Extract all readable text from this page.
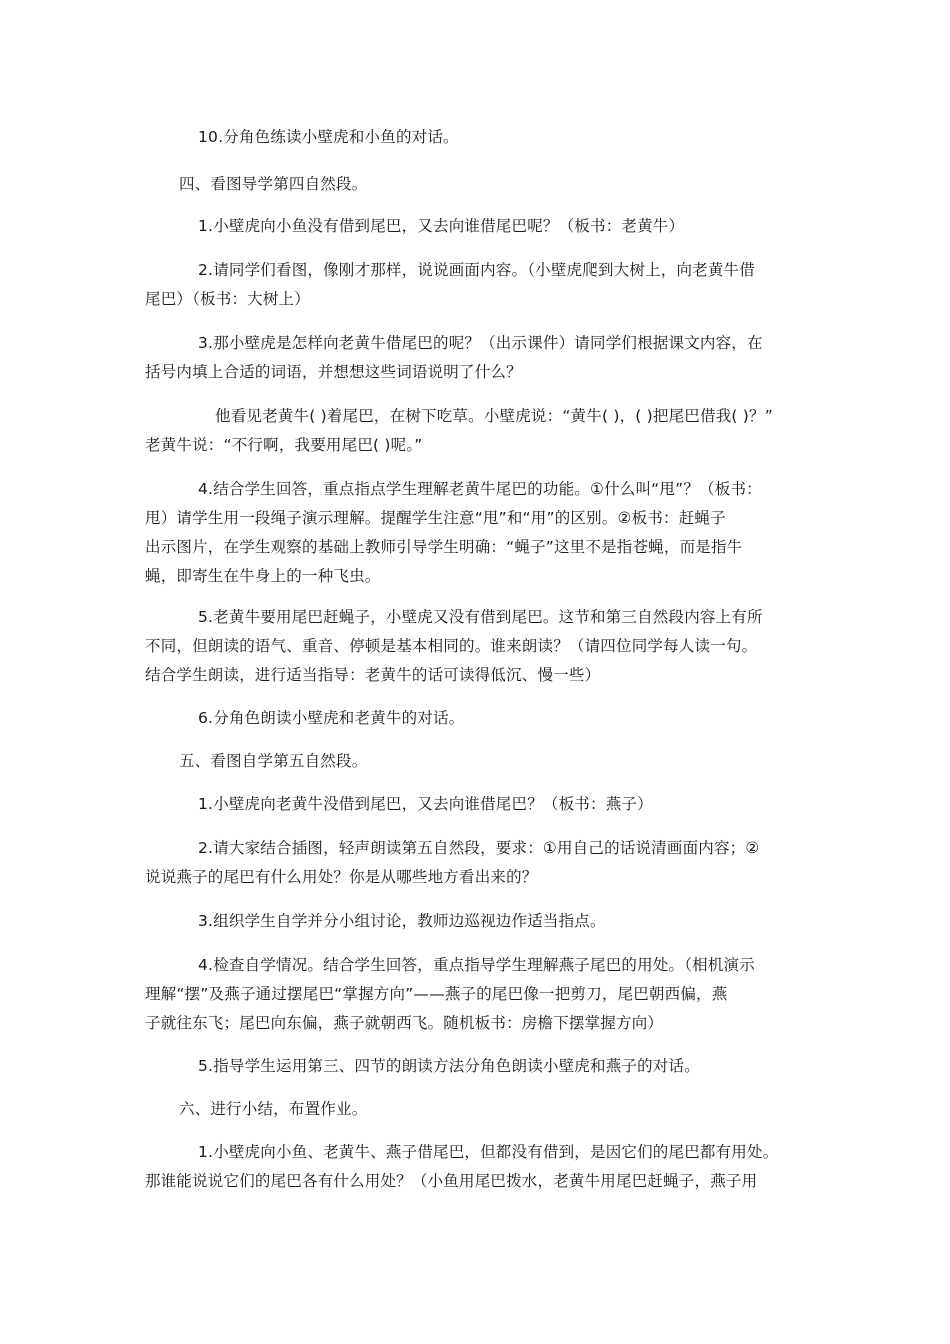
10.分角色练读小壁虎和小鱼的对话。
四、看图导学第四自然段。
1.小壁虎向小鱼没有借到尾巴，又去向谁借尾巴呢？（板书：老黄牛）
2.请同学们看图，像刚才那样，说说画面内容。（小壁虎爬到大树上，向老黄牛借
尾巴）（板书：大树上）
3.那小壁虎是怎样向老黄牛借尾巴的呢？（出示课件）请同学们根据课文内容，在
括号内填上合适的词语，并想想这些词语说明了什么？
他看见老黄牛( )着尾巴，在树下吃草。小壁虎说：“黄牛( )，( )把尾巴借我( )？”
老黄牛说：“不行啊，我要用尾巴( )呢。”
4.结合学生回答，重点指点学生理解老黄牛尾巴的功能。①什么叫“甩”？（板书：
甩）请学生用一段绳子演示理解。提醒学生注意“甩”和“用”的区别。②板书：赶蝇子
出示图片，在学生观察的基础上教师引导学生明确：“蝇子”这里不是指苍蝇，而是指牛
蝇，即寄生在牛身上的一种飞虫。
5.老黄牛要用尾巴赶蝇子，小壁虎又没有借到尾巴。这节和第三自然段内容上有所
不同，但朗读的语气、重音、停顿是基本相同的。谁来朗读？（请四位同学每人读一句。
结合学生朗读，进行适当指导：老黄牛的话可读得低沉、慢一些）
6.分角色朗读小壁虎和老黄牛的对话。
五、看图自学第五自然段。
1.小壁虎向老黄牛没借到尾巴，又去向谁借尾巴？（板书：燕子）
2.请大家结合插图，轻声朗读第五自然段，要求：①用自己的话说清画面内容；②
说说燕子的尾巴有什么用处？你是从哪些地方看出来的？
3.组织学生自学并分小组讨论，教师边巡视边作适当指点。
4.检查自学情况。结合学生回答，重点指导学生理解燕子尾巴的用处。（相机演示
理解“摆”及燕子通过摆尾巴“掌握方向”——燕子的尾巴像一把剪刀，尾巴朝西偏，燕
子就往东飞；尾巴向东偏，燕子就朝西飞。随机板书：房檐下摆掌握方向）
5.指导学生运用第三、四节的朗读方法分角色朗读小壁虎和燕子的对话。
六、进行小结，布置作业。
1.小壁虎向小鱼、老黄牛、燕子借尾巴，但都没有借到，是因它们的尾巴都有用处。
那谁能说说它们的尾巴各有什么用处？（小鱼用尾巴拨水，老黄牛用尾巴赶蝇子，燕子用
